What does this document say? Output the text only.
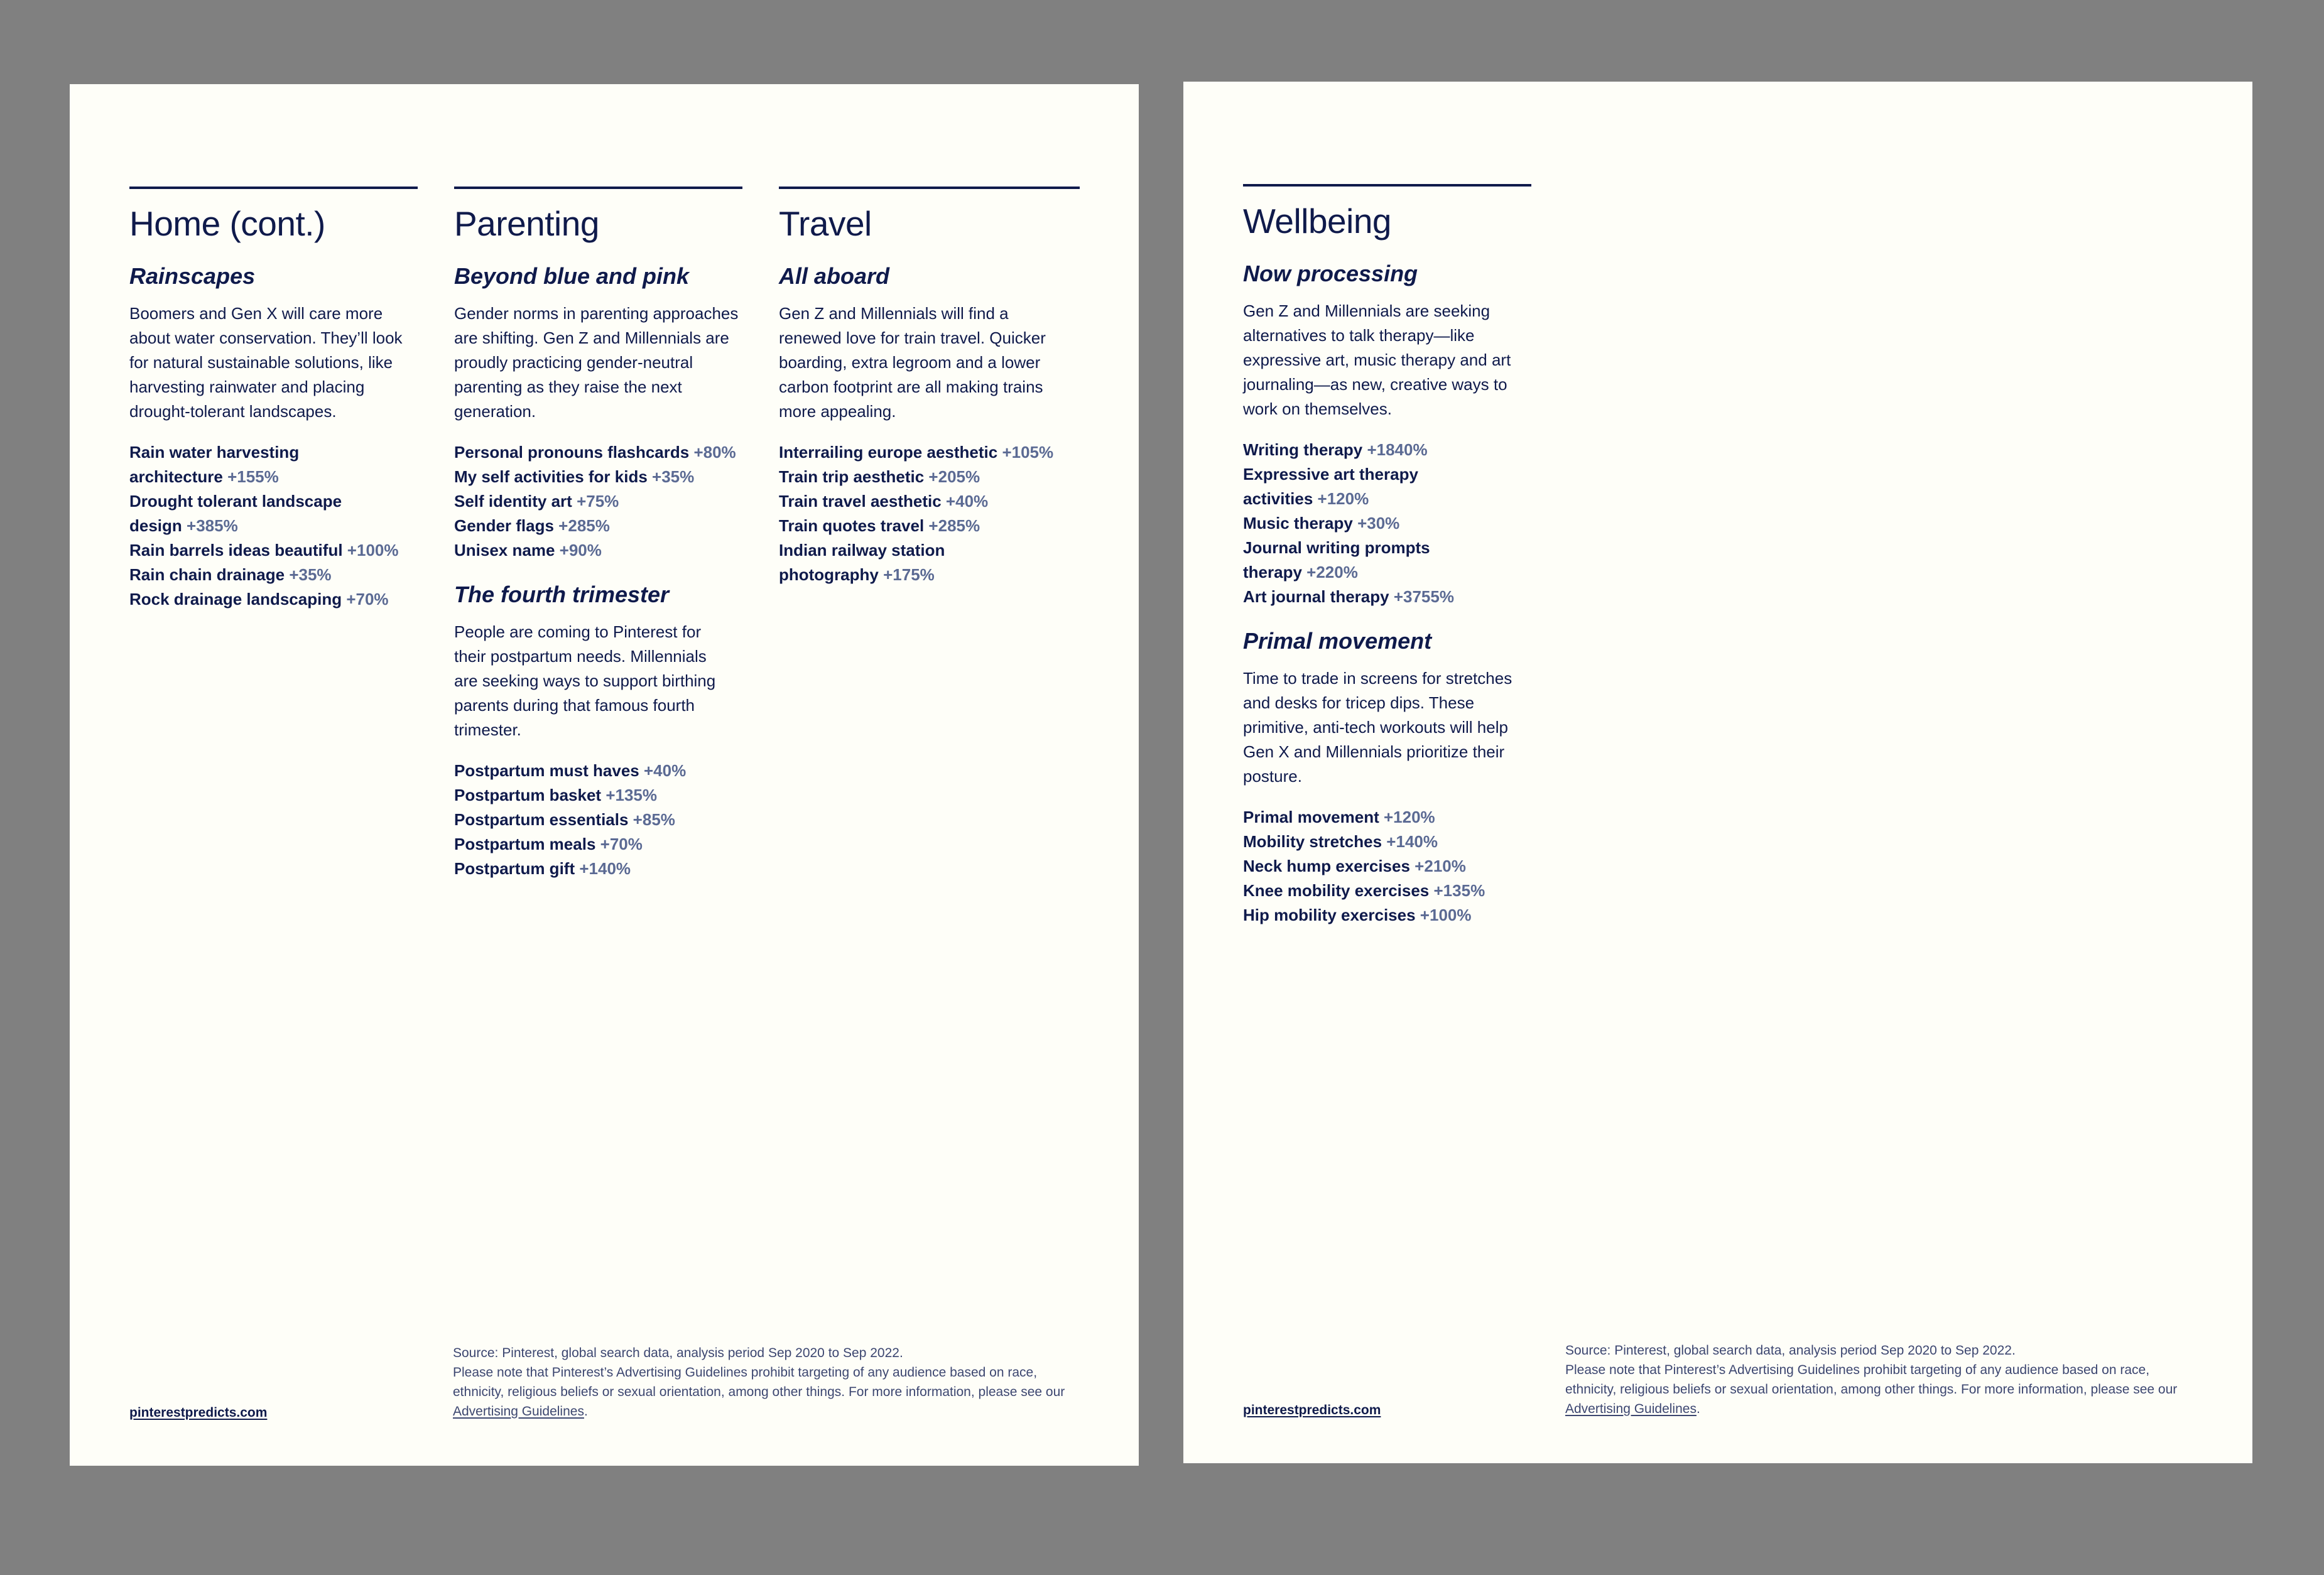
Home (cont.)
Rainscapes

Boomers and Gen X will care more about water conservation. They’ll look for natural sustainable solutions, like harvesting rainwater and placing drought-tolerant landscapes.

Rain water harvesting architecture +155%
Drought tolerant landscape design +385%
Rain barrels ideas beautiful +100%
Rain chain drainage +35%
Rock drainage landscaping +70%
Parenting
Beyond blue and pink

Gender norms in parenting approaches are shifting. Gen Z and Millennials are proudly practicing gender-neutral parenting as they raise the next generation.

Personal pronouns flashcards +80%
My self activities for kids +35%
Self identity art +75%
Gender flags +285%
Unisex name +90%
The fourth trimester

People are coming to Pinterest for their postpartum needs. Millennials are seeking ways to support birthing parents during that famous fourth trimester.

Postpartum must haves +40%
Postpartum basket +135%
Postpartum essentials +85%
Postpartum meals +70%
Postpartum gift +140%
Travel
All aboard

Gen Z and Millennials will find a renewed love for train travel. Quicker boarding, extra legroom and a lower carbon footprint are all making trains more appealing.

Interrailing europe aesthetic +105%
Train trip aesthetic +205%
Train travel aesthetic +40%
Train quotes travel +285%
Indian railway station photography +175%
pinterestpredicts.com
Source: Pinterest, global search data, analysis period Sep 2020 to Sep 2022.
Please note that Pinterest’s Advertising Guidelines prohibit targeting of any audience based on race, ethnicity, religious beliefs or sexual orientation, among other things. For more information, please see our Advertising Guidelines.
Wellbeing
Now processing

Gen Z and Millennials are seeking alternatives to talk therapy—like expressive art, music therapy and art journaling—as new, creative ways to work on themselves.

Writing therapy +1840%
Expressive art therapy activities +120%
Music therapy +30%
Journal writing prompts therapy +220%
Art journal therapy +3755%
Primal movement

Time to trade in screens for stretches and desks for tricep dips. These primitive, anti-tech workouts will help Gen X and Millennials prioritize their posture.

Primal movement +120%
Mobility stretches +140%
Neck hump exercises +210%
Knee mobility exercises +135%
Hip mobility exercises +100%
pinterestpredicts.com
Source: Pinterest, global search data, analysis period Sep 2020 to Sep 2022.
Please note that Pinterest’s Advertising Guidelines prohibit targeting of any audience based on race, ethnicity, religious beliefs or sexual orientation, among other things. For more information, please see our Advertising Guidelines.
